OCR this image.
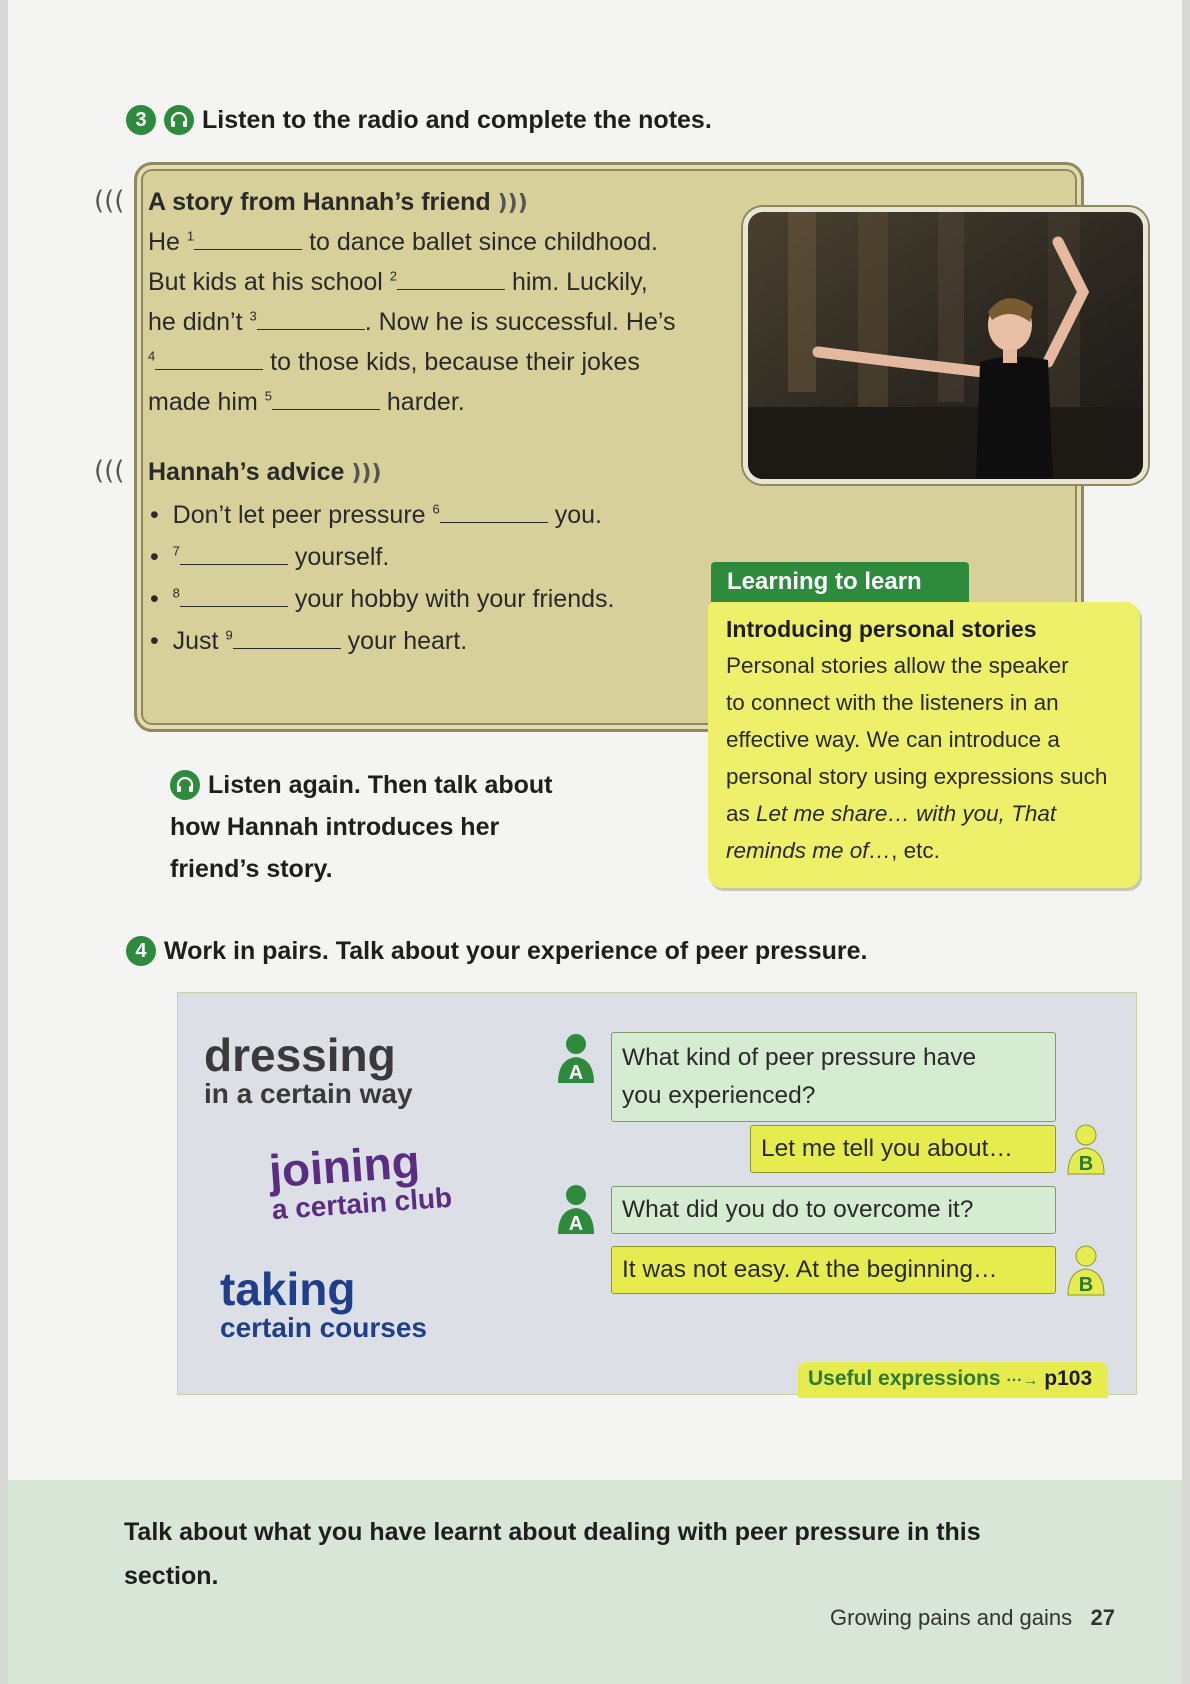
3	Listen to the radio and complete the notes.
((( A story from Hannah’s friend )))
He $^1$	to dance ballet since childhood.
But kids at his school $^2$	him. Luckily,
he didn’t $^3$	. Now he is successful. He’s
$^4$	to those kids, because their jokes
made him $^5$	harder.
((( Hannah’s advice )))
•  Don’t let peer pressure $^6$	you.
•  $^7$	yourself.
•  $^8$	your hobby with your friends.
•  Just $^9$	your heart.
Learning to learn
Introducing personal stories
Personal stories allow the speaker
to connect with the listeners in an
effective way. We can introduce a
personal story using expressions such
as Let me share… with you, That
reminds me of…, etc.
Listen again. Then talk about
how Hannah introduces her
friend’s story.
4 Work in pairs. Talk about your experience of peer pressure.
dressing
in a certain way
joining
a certain club
taking
certain courses
A
What kind of peer pressure have
you experienced?
Let me tell you about…
B
A
What did you do to overcome it?
It was not easy. At the beginning…
B
Useful expressions ···→ p103
Talk about what you have learnt about dealing with peer pressure in this
section.
Growing pains and gains 27
